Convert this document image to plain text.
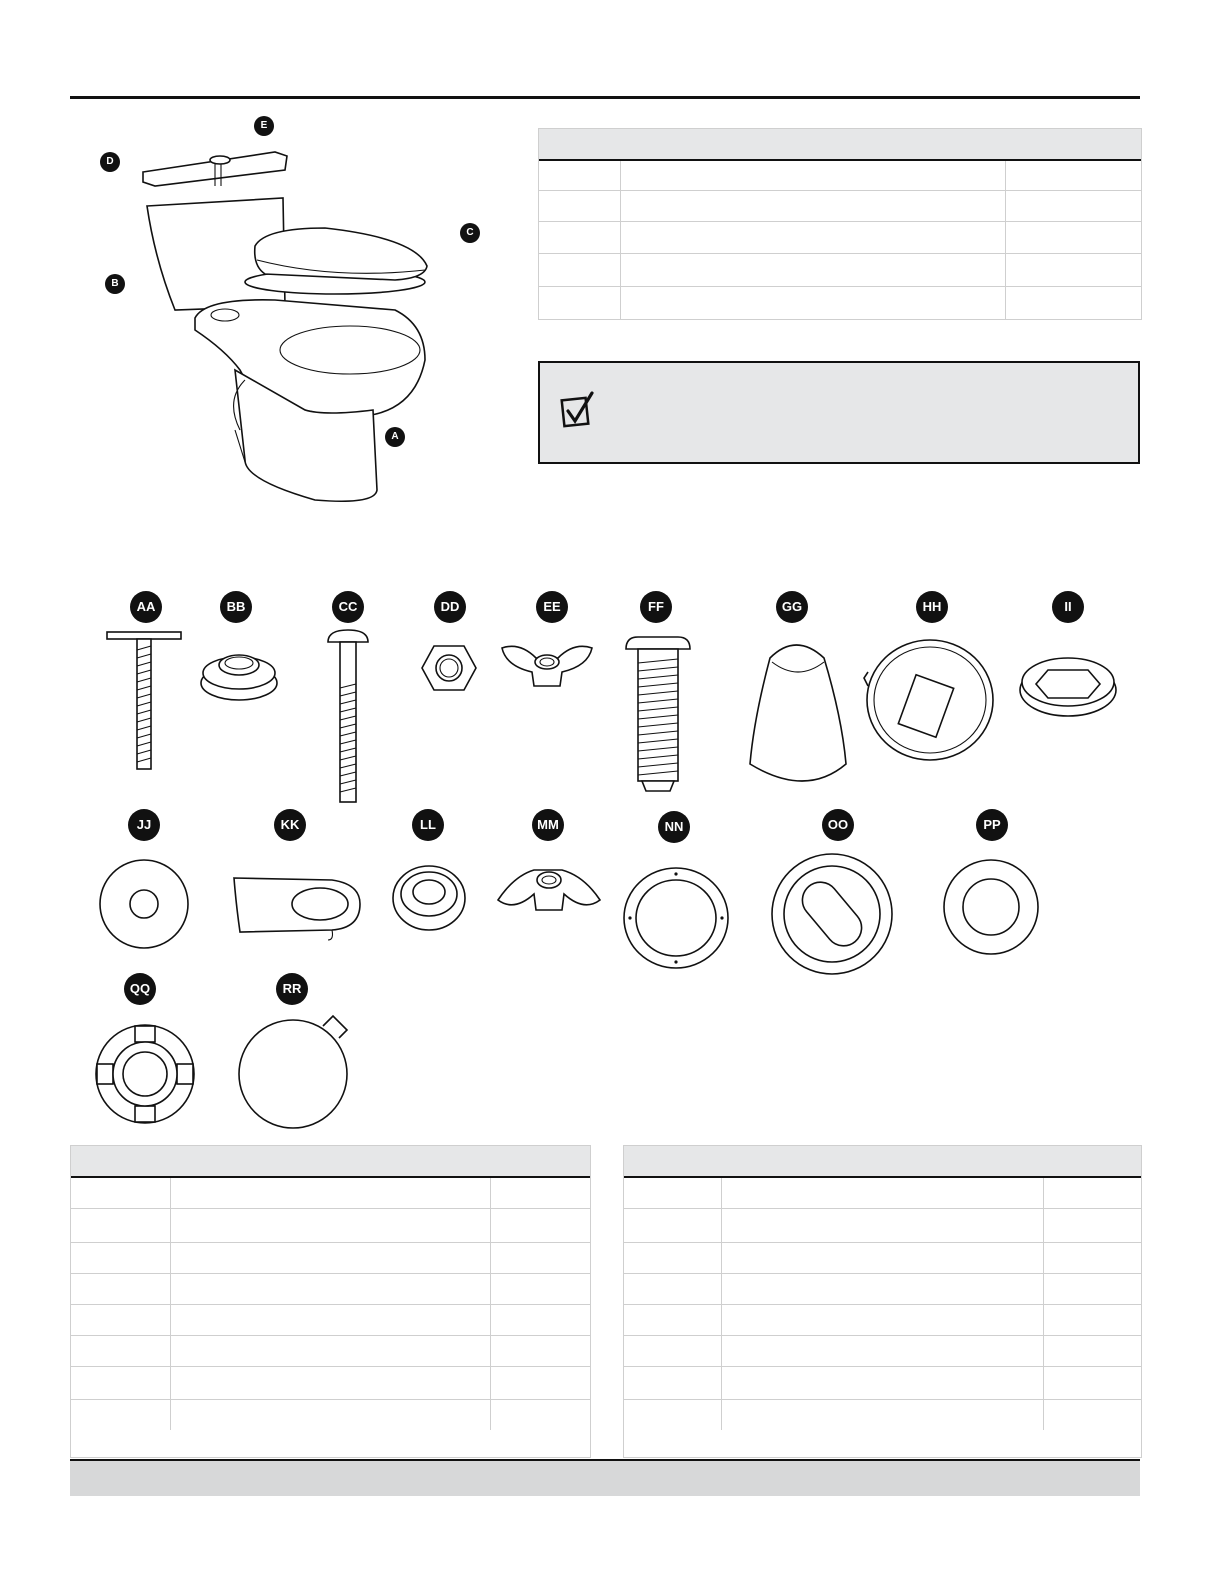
D
E
B
C
A
AA	BB	CC	DD	EE	FF	GG	HH	II
JJ	KK	LL	MM	NN	OO	PP
QQ	RR
